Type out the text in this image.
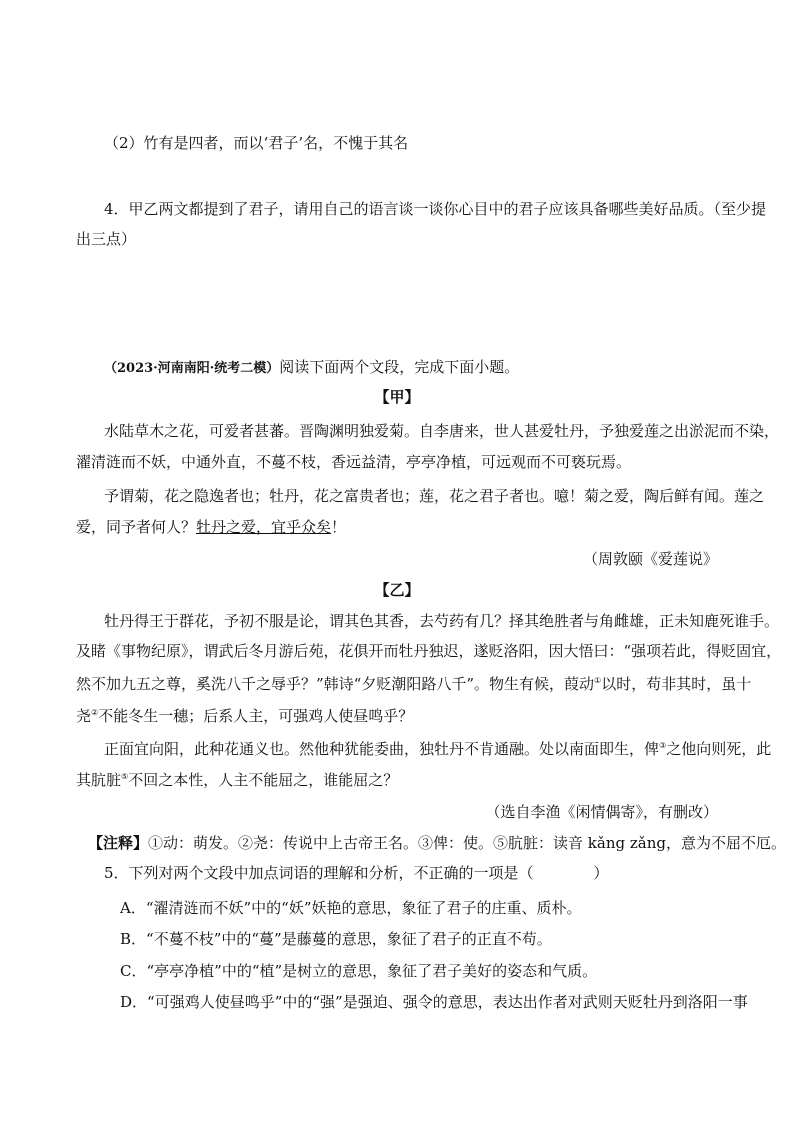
（2）竹有是四者，而以‘君子’名，不愧于其名
4．甲乙两文都提到了君子，请用自己的语言谈一谈你心目中的君子应该具备哪些美好品质。（至少提
出三点）
（2023·河南南阳·统考二模）阅读下面两个文段，完成下面小题。
【甲】
水陆草木之花，可爱者甚蕃。晋陶渊明独爱菊。自李唐来，世人甚爱牡丹，予独爱莲之出淤泥而不染，
濯清涟而不妖，中通外直，不蔓不枝，香远益清，亭亭净植，可远观而不可亵玩焉。
予谓菊，花之隐逸者也；牡丹，花之富贵者也；莲，花之君子者也。噫！菊之爱，陶后鲜有闻。莲之
爱，同予者何人？牡丹之爱，宜乎众矣！
（周敦颐《爱莲说》
【乙】
牡丹得王于群花，予初不服是论，谓其色其香，去芍药有几？择其绝胜者与角雌雄，正未知鹿死谁手。
及睹《事物纪原》，谓武后冬月游后苑，花俱开而牡丹独迟，遂贬洛阳，因大悟曰：“强项若此，得贬固宜，
然不加九五之尊，奚洗八千之辱乎？”韩诗“夕贬潮阳路八千”。物生有候，葭动①以时，苟非其时，虽十
尧②不能冬生一穗；后系人主，可强鸡人使昼鸣乎？
正面宜向阳，此种花通义也。然他种犹能委曲，独牡丹不肯通融。处以南面即生，俾③之他向则死，此
其肮脏⑤不回之本性，人主不能屈之，谁能屈之？
（选自李渔《闲情偶寄》，有删改）
【注释】①动：萌发。②尧：传说中上古帝王名。③俾：使。⑤肮脏：读音 kǎng zǎng，意为不屈不厄。
5．下列对两个文段中加点词语的理解和分析，不正确的一项是（	）
A．“濯清涟而不妖”中的“妖”妖艳的意思，象征了君子的庄重、质朴。
B．“不蔓不枝”中的“蔓”是藤蔓的意思，象征了君子的正直不苟。
C．“亭亭净植”中的“植”是树立的意思，象征了君子美好的姿态和气质。
D．“可强鸡人使昼鸣乎”中的“强”是强迫、强令的意思，表达出作者对武则天贬牡丹到洛阳一事
